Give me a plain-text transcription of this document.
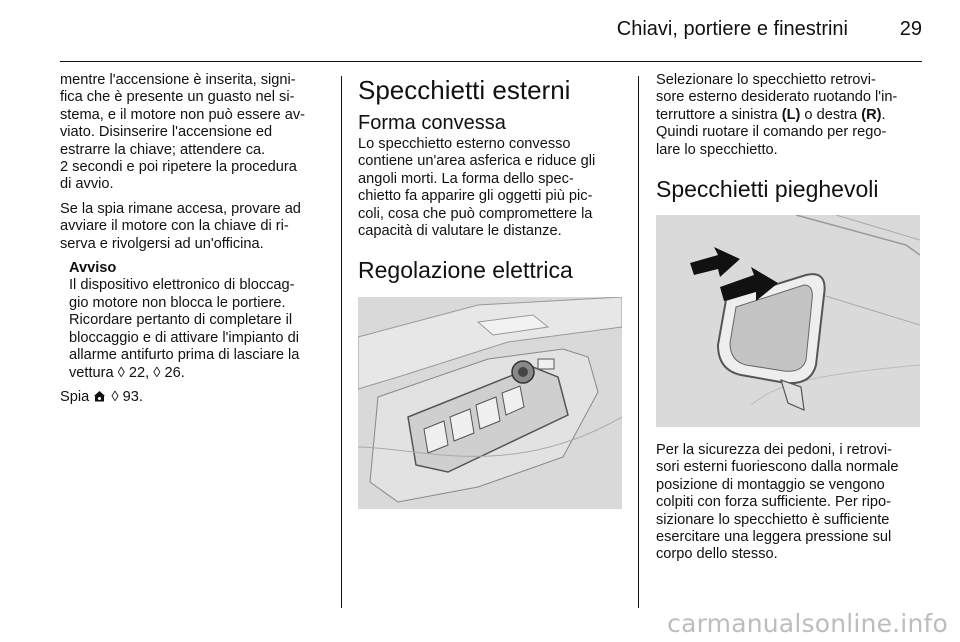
Chiavi, portiere e finestrini	29

mentre l'accensione è inserita, signi-
fica che è presente un guasto nel si-
stema, e il motore non può essere av-
viato. Disinserire l'accensione ed
estrarre la chiave; attendere ca.
2 secondi e poi ripetere la procedura
di avvio.

Se la spia rimane accesa, provare ad
avviare il motore con la chiave di ri-
serva e rivolgersi ad un'officina.

Avviso

Il dispositivo elettronico di bloccag-
gio motore non blocca le portiere.
Ricordare pertanto di completare il
bloccaggio e di attivare l'impianto di
allarme antifurto prima di lasciare la
vettura ◊ 22, ◊ 26.

Spia  ◊ 93.

Specchietti esterni
Forma convessa

Lo specchietto esterno convesso
contiene un'area asferica e riduce gli
angoli morti. La forma dello spec-
chietto fa apparire gli oggetti più pic-
coli, cosa che può compromettere la
capacità di valutare le distanze.

Regolazione elettrica

Selezionare lo specchietto retrovi-
sore esterno desiderato ruotando l'in-
terruttore a sinistra (L) o destra (R).
Quindi ruotare il comando per rego-
lare lo specchietto.

Specchietti pieghevoli

Per la sicurezza dei pedoni, i retrovi-
sori esterni fuoriescono dalla normale
posizione di montaggio se vengono
colpiti con forza sufficiente. Per ripo-
sizionare lo specchietto è sufficiente
esercitare una leggera pressione sul
corpo dello stesso.

carmanualsonline.info
